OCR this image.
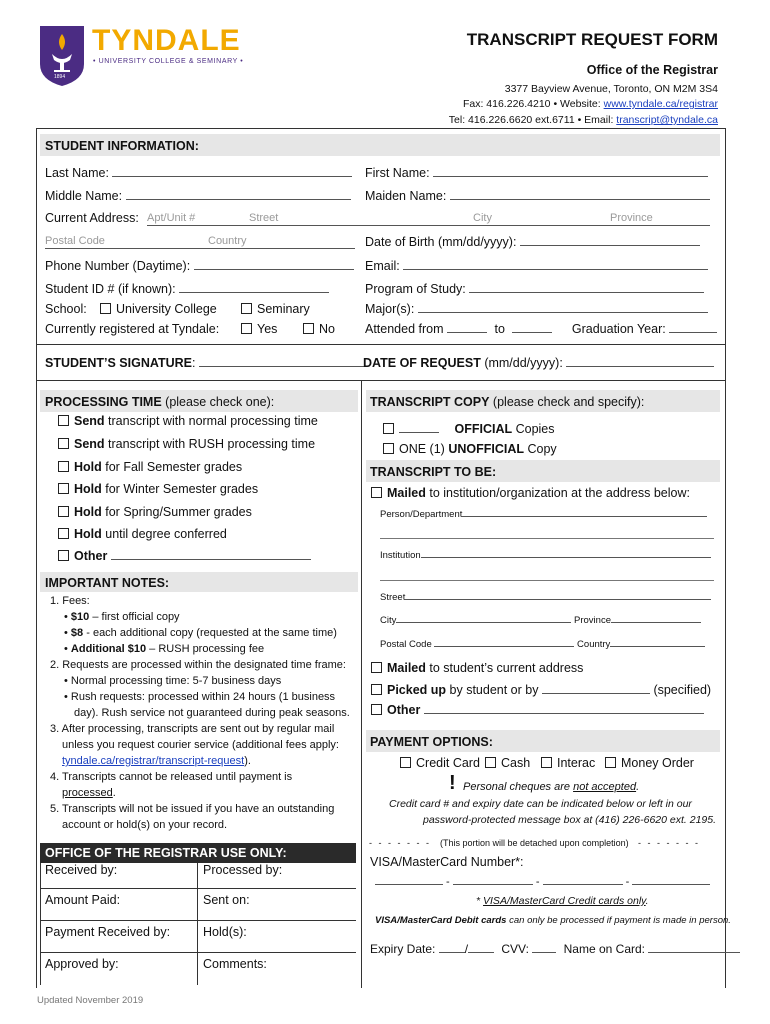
1894
TYNDALE
• UNIVERSITY COLLEGE & SEMINARY •
TRANSCRIPT REQUEST FORM
Office of the Registrar
3377 Bayview Avenue, Toronto, ON M2M 3S4
Fax: 416.226.4210 • Website: www.tyndale.ca/registrar
Tel: 416.226.6620 ext.6711 • Email: transcript@tyndale.ca
STUDENT INFORMATION:
Last Name:	First Name:
Middle Name:	Maiden Name:
Current Address: Apt/Unit #	Street	City	Province
Postal Code	Country	Date of Birth (mm/dd/yyyy):
Phone Number (Daytime):	Email:
Student ID # (if known):	Program of Study:
School:	University College	Seminary	Major(s):
Currently registered at Tyndale:	Yes	No Attended from	to	Graduation Year:
STUDENT’S SIGNATURE:	DATE OF REQUEST (mm/dd/yyyy):
PROCESSING TIME (please check one):
Send transcript with normal processing time
Send transcript with RUSH processing time
Hold for Fall Semester grades
Hold for Winter Semester grades
Hold for Spring/Summer grades
Hold until degree conferred
Other
IMPORTANT NOTES:
1. Fees:
• $10 – first official copy
• $8 - each additional copy (requested at the same time)
• Additional $10 – RUSH processing fee
2. Requests are processed within the designated time frame:
• Normal processing time: 5-7 business days
• Rush requests: processed within 24 hours (1 business
day). Rush service not guaranteed during peak seasons.
3. After processing, transcripts are sent out by regular mail
unless you request courier service (additional fees apply:
tyndale.ca/registrar/transcript-request).
4. Transcripts cannot be released until payment is
processed.
5. Transcripts will not be issued if you have an outstanding
account or hold(s) on your record.
OFFICE OF THE REGISTRAR USE ONLY:
Received by:	Processed by:
Amount Paid:	Sent on:
Payment Received by:	Hold(s):
Approved by:	Comments:
TRANSCRIPT COPY (please check and specify):
OFFICIAL Copies
ONE (1) UNOFFICIAL Copy
TRANSCRIPT TO BE:
Mailed to institution/organization at the address below:
Person/Department
Institution
Street
City	Province
Postal Code	Country
Mailed to student’s current address
Picked up by student or by	(specified)
Other
PAYMENT OPTIONS:
Credit Card	Cash	Interac	Money Order
! Personal cheques are not accepted.
Credit card # and expiry date can be indicated below or left in our
password-protected message box at (416) 226-6620 ext. 2195.
- - - - - - - (This portion will be detached upon completion) - - - - - - -
VISA/MasterCard Number*:
-	-	-
* VISA/MasterCard Credit cards only.
VISA/MasterCard Debit cards can only be processed if payment is made in person.
Expiry Date: /	CVV:	Name on Card:
Updated November 2019
